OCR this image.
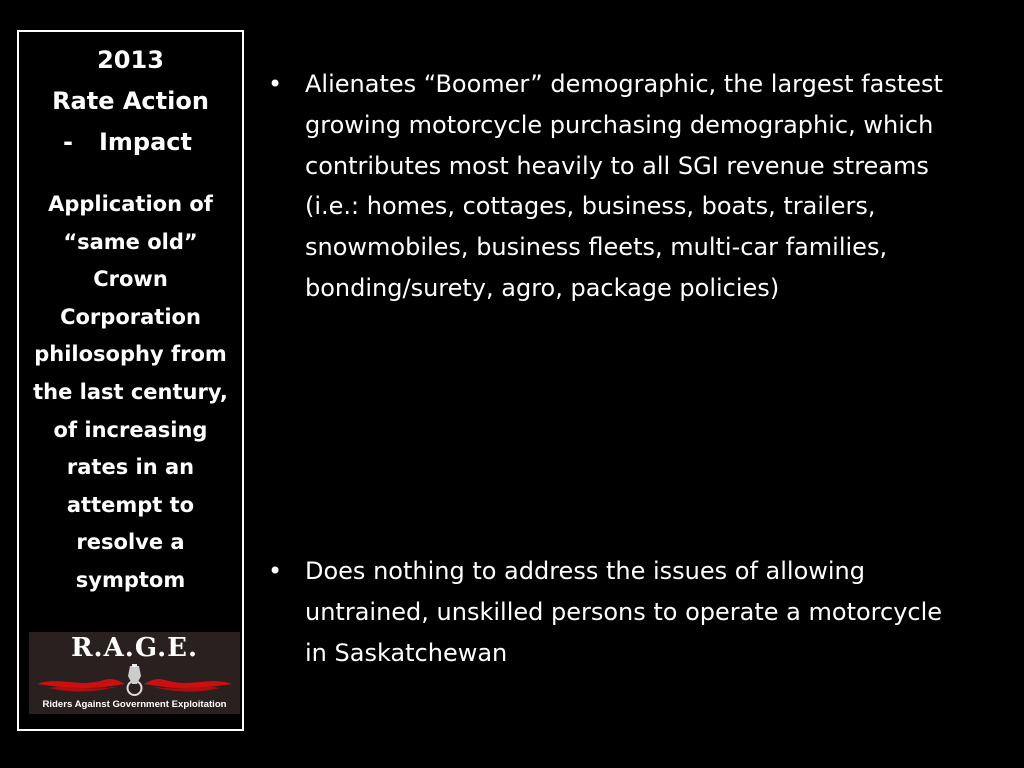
2013
Rate Action
- Impact
Application of “same old” Crown Corporation philosophy from the last century, of increasing rates in an attempt to resolve a symptom
R.A.G.E.
Riders Against Government Exploitation
• Alienates “Boomer” demographic, the largest fastest growing motorcycle purchasing demographic, which contributes most heavily to all SGI revenue streams (i.e.: homes, cottages, business, boats, trailers, snowmobiles, business fleets, multi-car families, bonding/surety, agro, package policies)
• Does nothing to address the issues of allowing untrained, unskilled persons to operate a motorcycle in Saskatchewan
